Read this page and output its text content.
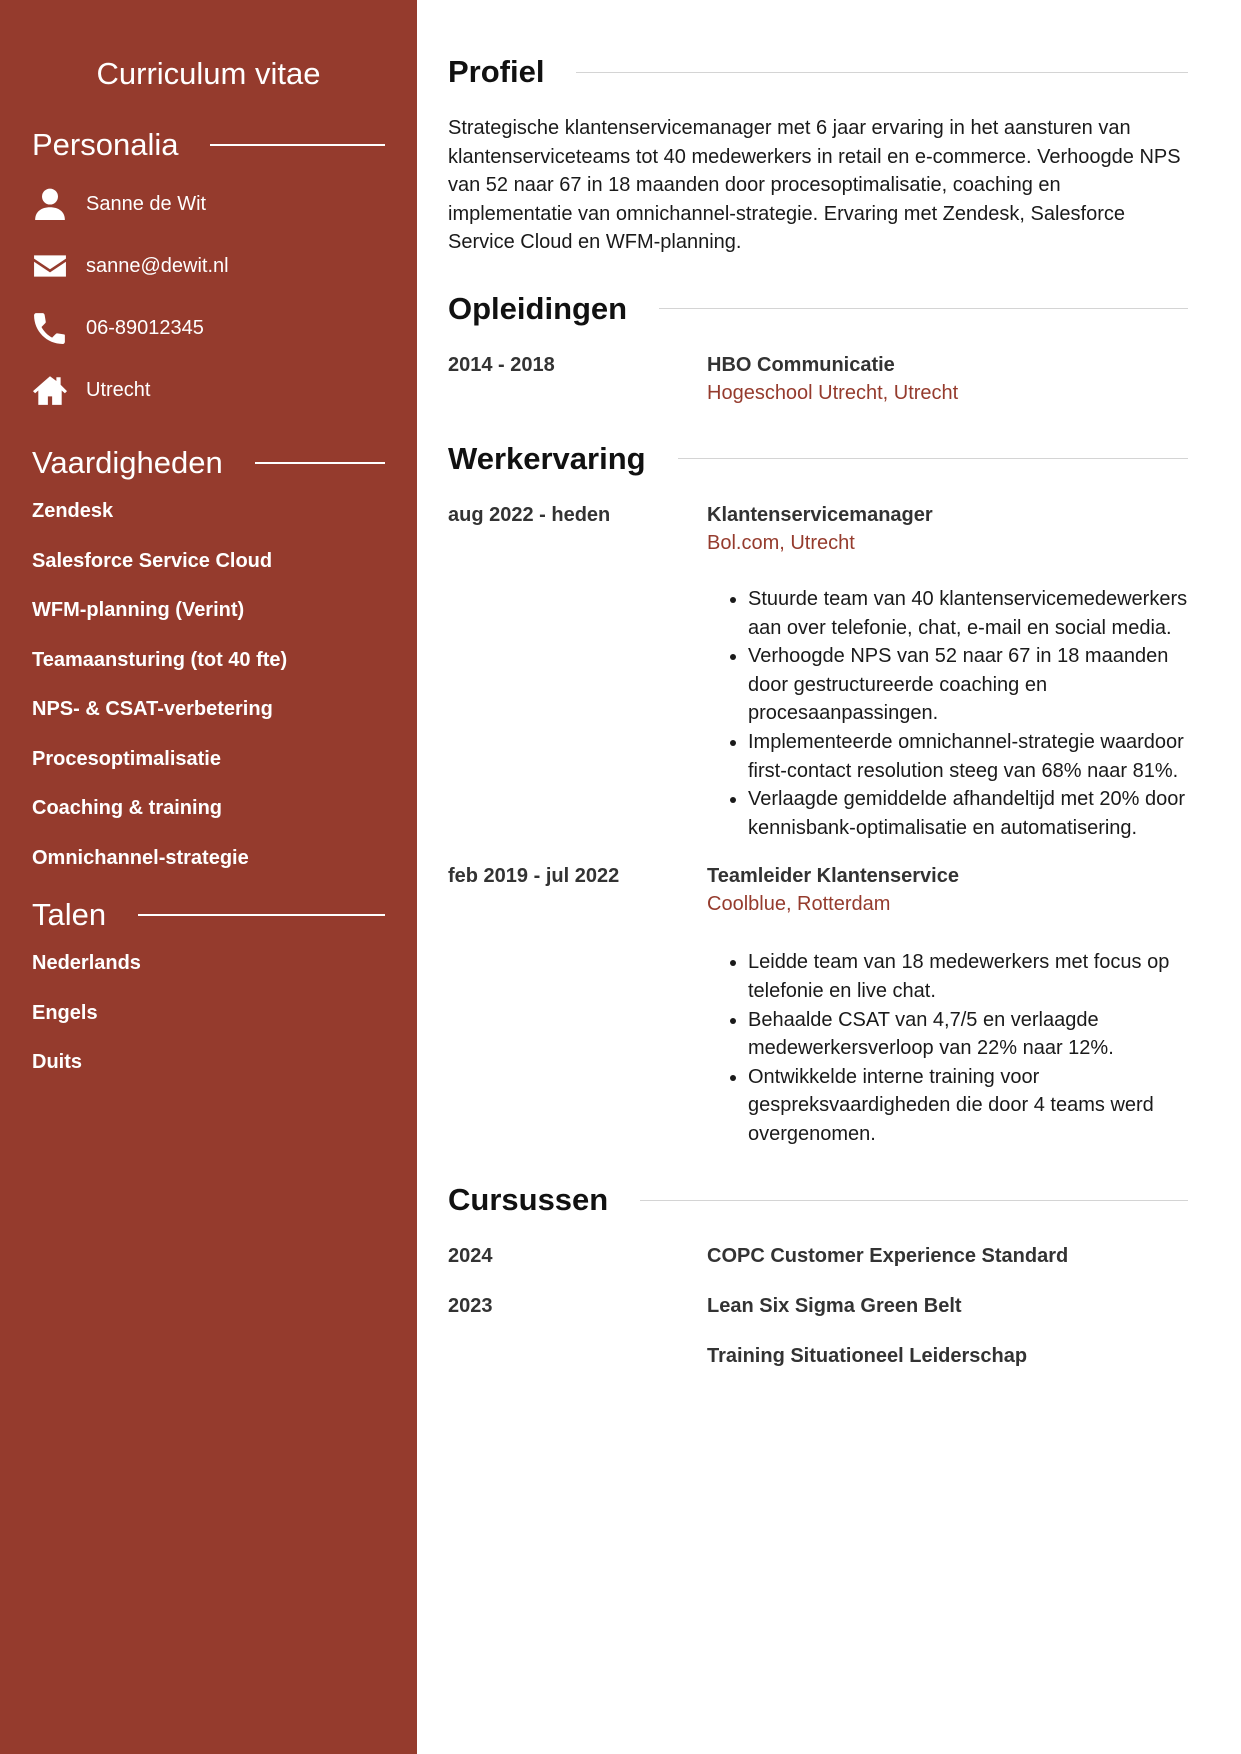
Curriculum vitae
Personalia
Sanne de Wit
sanne@dewit.nl
06-89012345
Utrecht
Vaardigheden
Zendesk
Salesforce Service Cloud
WFM-planning (Verint)
Teamaansturing (tot 40 fte)
NPS- & CSAT-verbetering
Procesoptimalisatie
Coaching & training
Omnichannel-strategie
Talen
Nederlands
Engels
Duits
Profiel

Strategische klantenservicemanager met 6 jaar ervaring in het aansturen van klantenserviceteams tot 40 medewerkers in retail en e-commerce. Verhoogde NPS van 52 naar 67 in 18 maanden door procesoptimalisatie, coaching en implementatie van omnichannel-strategie. Ervaring met Zendesk, Salesforce Service Cloud en WFM-planning.

Opleidingen
2014 - 2018	HBO Communicatie
Hogeschool Utrecht, Utrecht
Werkervaring
aug 2022 - heden	Klantenservicemanager
Bol.com, Utrecht
• Stuurde team van 40 klantenservicemedewerkers aan over telefonie, chat, e-mail en social media.
• Verhoogde NPS van 52 naar 67 in 18 maanden door gestructureerde coaching en procesaanpassingen.
• Implementeerde omnichannel-strategie waardoor first-contact resolution steeg van 68% naar 81%.
• Verlaagde gemiddelde afhandeltijd met 20% door kennisbank-optimalisatie en automatisering.
feb 2019 - jul 2022	Teamleider Klantenservice
Coolblue, Rotterdam
• Leidde team van 18 medewerkers met focus op telefonie en live chat.
• Behaalde CSAT van 4,7/5 en verlaagde medewerkersverloop van 22% naar 12%.
• Ontwikkelde interne training voor gespreksvaardigheden die door 4 teams werd overgenomen.
Cursussen
2024	COPC Customer Experience Standard
2023	Lean Six Sigma Green Belt
Training Situationeel Leiderschap
